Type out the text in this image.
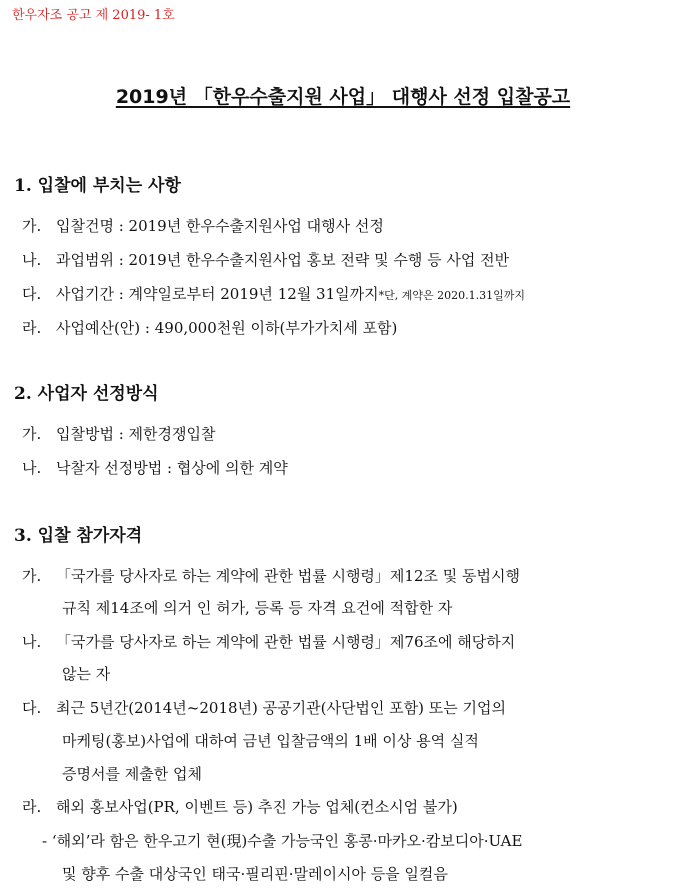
한우자조 공고 제 2019- 1호
2019년 「한우수출지원 사업」 대행사 선정 입찰공고
1. 입찰에 부치는 사항
가. 입찰건명 : 2019년 한우수출지원사업 대행사 선정
나. 과업범위 : 2019년 한우수출지원사업 홍보 전략 및 수행 등 사업 전반
다. 사업기간 : 계약일로부터 2019년 12월 31일까지*단, 계약은 2020.1.31일까지
라. 사업예산(안) : 490,000천원 이하(부가가치세 포함)
2. 사업자 선정방식
가. 입찰방법 : 제한경쟁입찰
나. 낙찰자 선정방법 : 협상에 의한 계약
3. 입찰 참가자격
가. 「국가를 당사자로 하는 계약에 관한 법률 시행령」제12조 및 동법시행
규칙 제14조에 의거 인 허가, 등록 등 자격 요건에 적합한 자
나. 「국가를 당사자로 하는 계약에 관한 법률 시행령」제76조에 해당하지
않는 자
다. 최근 5년간(2014년~2018년) 공공기관(사단법인 포함) 또는 기업의
마케팅(홍보)사업에 대하여 금년 입찰금액의 1배 이상 용역 실적
증명서를 제출한 업체
라. 해외 홍보사업(PR, 이벤트 등) 추진 가능 업체(컨소시엄 불가)
- ‘해외’라 함은 한우고기 현(現)수출 가능국인 홍콩·마카오·캄보디아·UAE
및 향후 수출 대상국인 태국·필리핀·말레이시아 등을 일컬음
